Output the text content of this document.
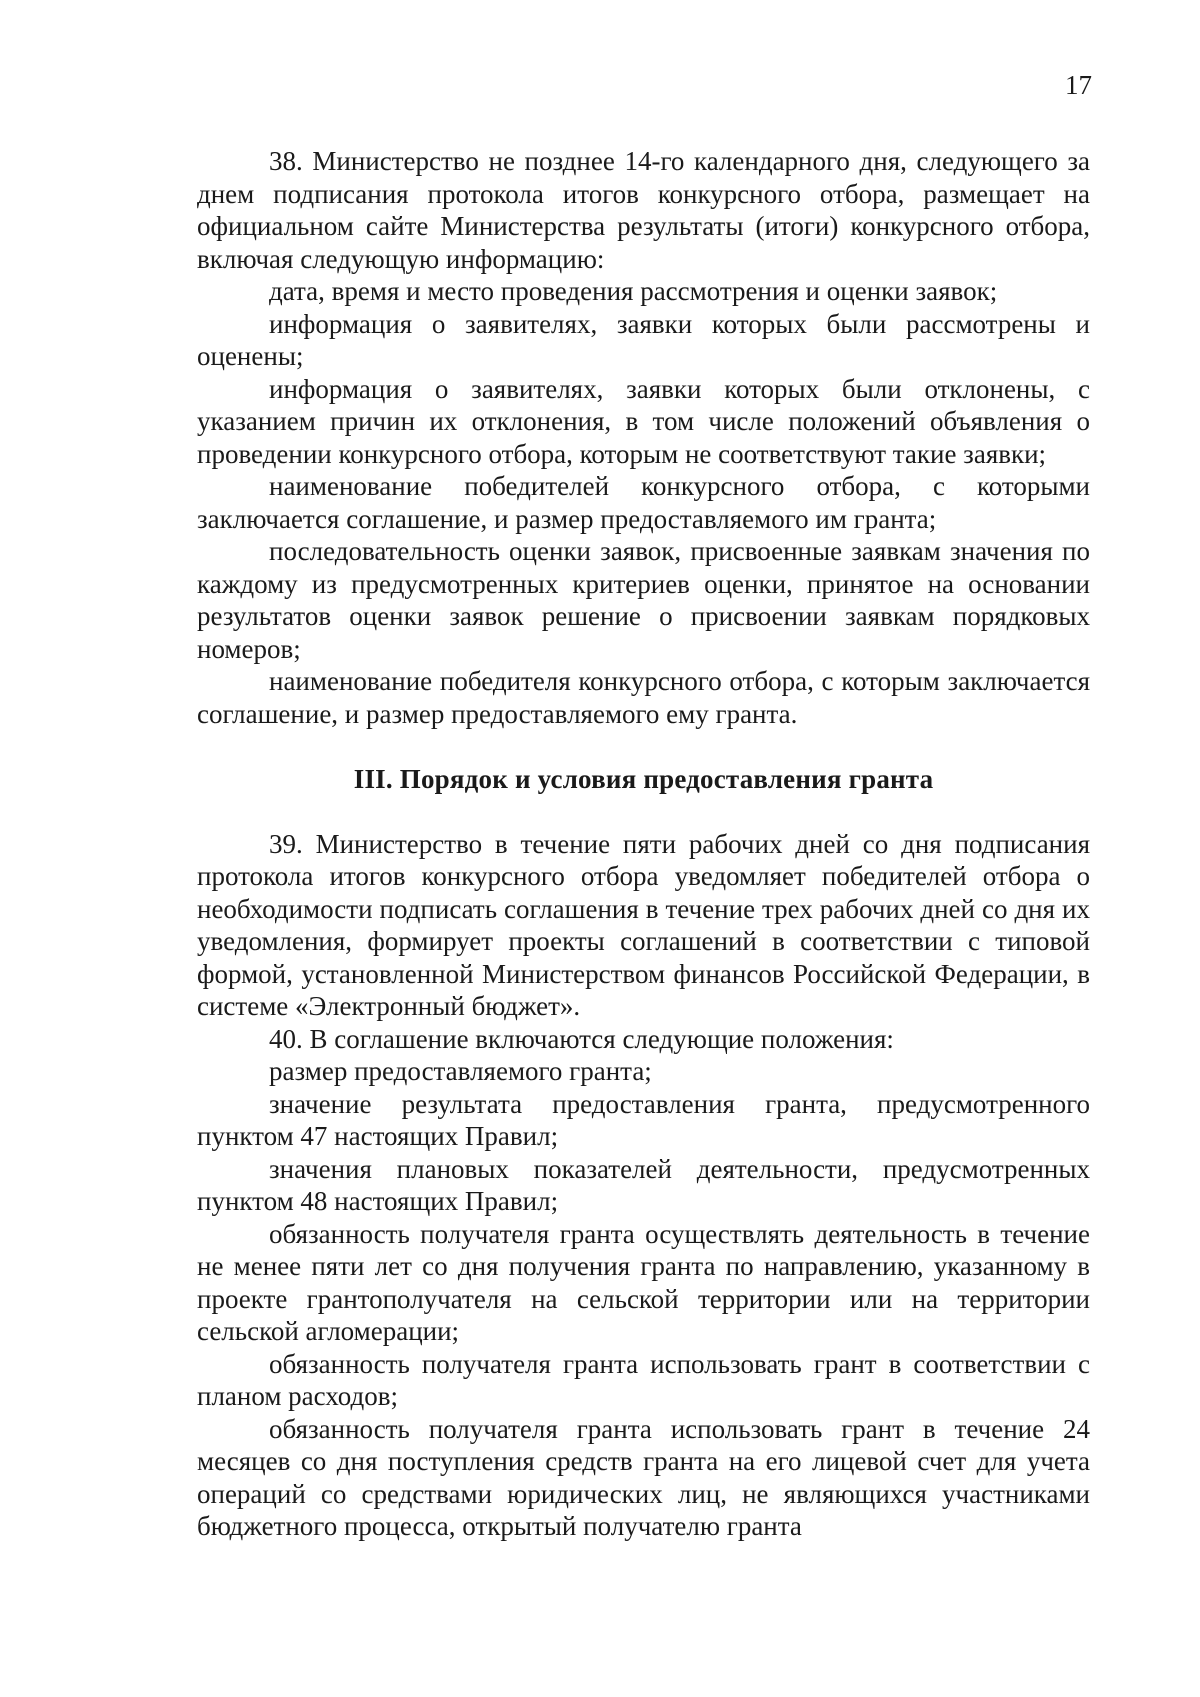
17

38. Министерство не позднее 14-го календарного дня, следующего за днем подписания протокола итогов конкурсного отбора, размещает на официальном сайте Министерства результаты (итоги) конкурсного отбора, включая следующую информацию:

дата, время и место проведения рассмотрения и оценки заявок;

информация о заявителях, заявки которых были рассмотрены и оценены;

информация о заявителях, заявки которых были отклонены, с указанием причин их отклонения, в том числе положений объявления о проведении конкурсного отбора, которым не соответствуют такие заявки;

наименование победителей конкурсного отбора, с которыми заключается соглашение, и размер предоставляемого им гранта;

последовательность оценки заявок, присвоенные заявкам значения по каждому из предусмотренных критериев оценки, принятое на основании результатов оценки заявок решение о присвоении заявкам порядковых номеров;

наименование победителя конкурсного отбора, с которым заключается соглашение, и размер предоставляемого ему гранта.

III. Порядок и условия предоставления гранта

39. Министерство в течение пяти рабочих дней со дня подписания протокола итогов конкурсного отбора уведомляет победителей отбора о необходимости подписать соглашения в течение трех рабочих дней со дня их уведомления, формирует проекты соглашений в соответствии с типовой формой, установленной Министерством финансов Российской Федерации, в системе «Электронный бюджет».

40. В соглашение включаются следующие положения:

размер предоставляемого гранта;

значение результата предоставления гранта, предусмотренного пунктом 47 настоящих Правил;

значения плановых показателей деятельности, предусмотренных пунктом 48 настоящих Правил;

обязанность получателя гранта осуществлять деятельность в течение не менее пяти лет со дня получения гранта по направлению, указанному в проекте грантополучателя на сельской территории или на территории сельской агломерации;

обязанность получателя гранта использовать грант в соответствии с планом расходов;

обязанность получателя гранта использовать грант в течение 24 месяцев со дня поступления средств гранта на его лицевой счет для учета операций со средствами юридических лиц, не являющихся участниками бюджетного процесса, открытый получателю гранта
